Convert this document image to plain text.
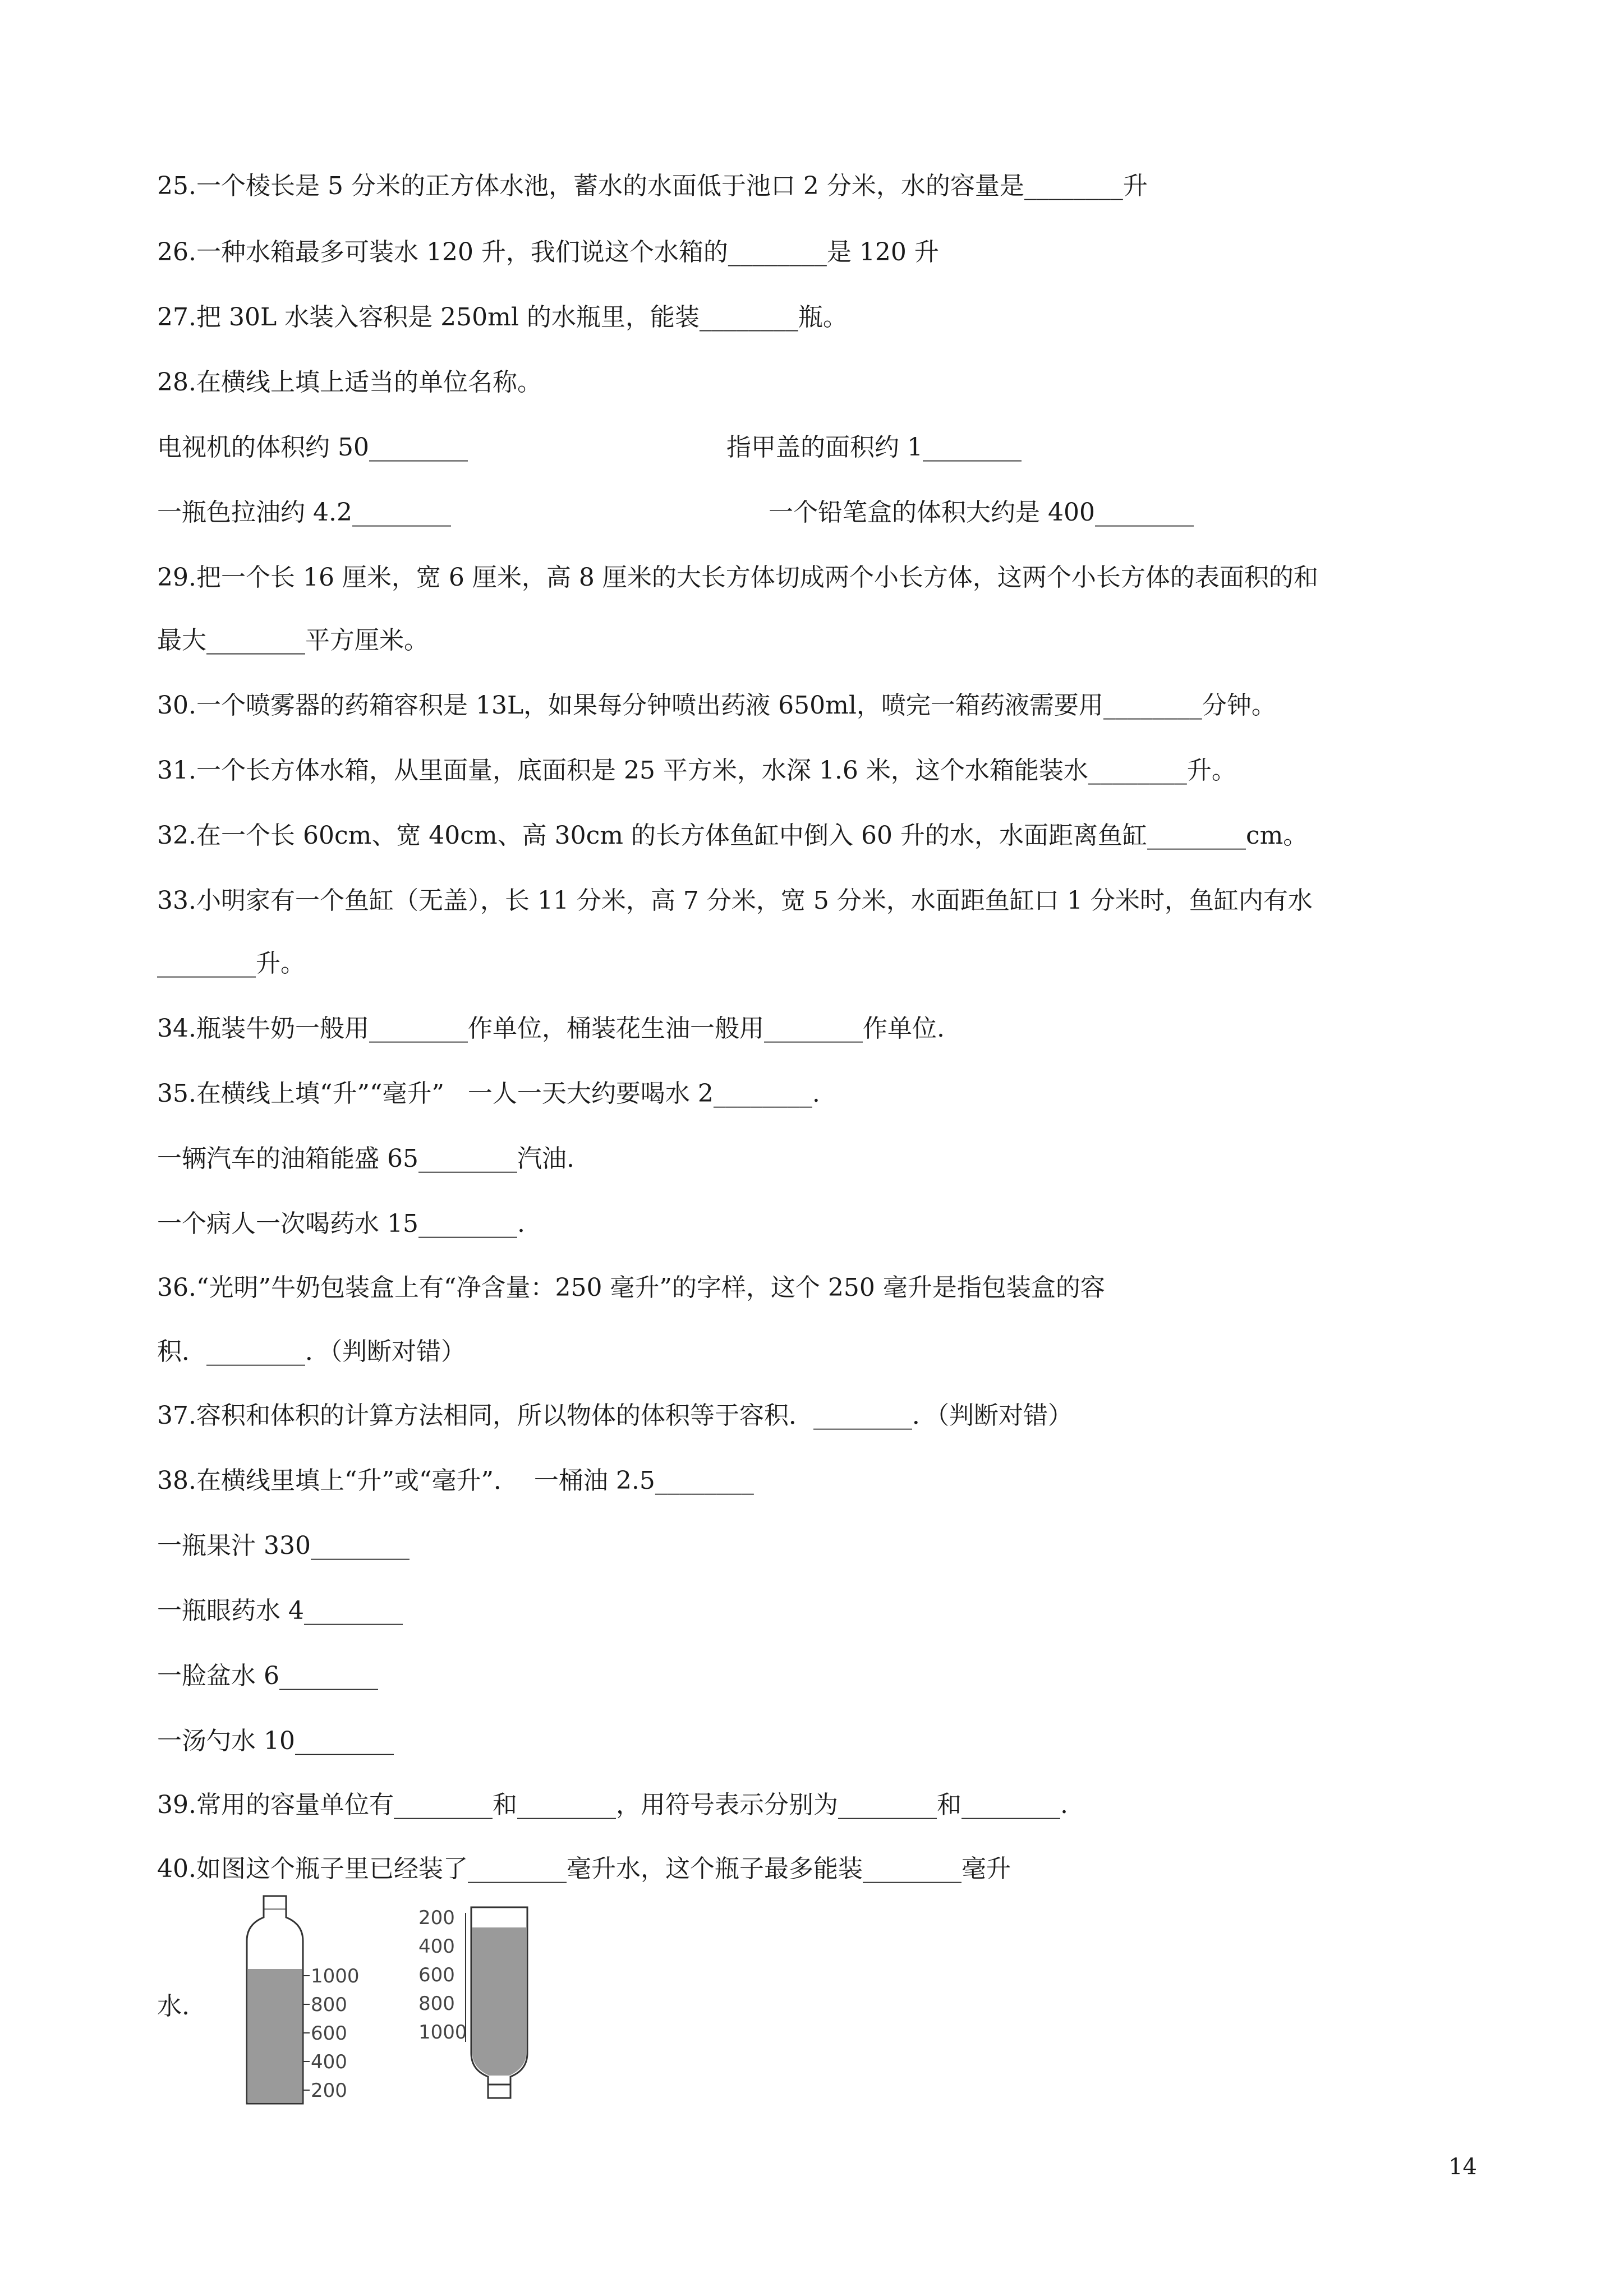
25.一个棱长是 5 分米的正方体水池，蓄水的水面低于池口 2 分米，水的容量是________升
26.一种水箱最多可装水 120 升，我们说这个水箱的________是 120 升
27.把 30L 水装入容积是 250ml 的水瓶里，能装________瓶。
28.在横线上填上适当的单位名称。
电视机的体积约 50________	指甲盖的面积约 1________
一瓶色拉油约 4.2________	一个铅笔盒的体积大约是 400________
29.把一个长 16 厘米，宽 6 厘米，高 8 厘米的大长方体切成两个小长方体，这两个小长方体的表面积的和
最大________平方厘米。
30.一个喷雾器的药箱容积是 13L，如果每分钟喷出药液 650ml，喷完一箱药液需要用________分钟。
31.一个长方体水箱，从里面量，底面积是 25 平方米，水深 1.6 米，这个水箱能装水________升。
32.在一个长 60cm、宽 40cm、高 30cm 的长方体鱼缸中倒入 60 升的水，水面距离鱼缸________cm。
33.小明家有一个鱼缸（无盖），长 11 分米，高 7 分米，宽 5 分米，水面距鱼缸口 1 分米时，鱼缸内有水
________升。
34.瓶装牛奶一般用________作单位，桶装花生油一般用________作单位.
35.在横线上填“升”“毫升”   一人一天大约要喝水 2________.
一辆汽车的油箱能盛 65________汽油.
一个病人一次喝药水 15________.
36.“光明”牛奶包装盒上有“净含量：250 毫升”的字样，这个 250 毫升是指包装盒的容
积．________．（判断对错）
37.容积和体积的计算方法相同，所以物体的体积等于容积．________．（判断对错）
38.在横线里填上“升”或“毫升”．  一桶油 2.5________
一瓶果汁 330________
一瓶眼药水 4________
一脸盆水 6________
一汤勺水 10________
39.常用的容量单位有________和________，用符号表示分别为________和________.
40.如图这个瓶子里已经装了________毫升水，这个瓶子最多能装________毫升
水.
1000
800
600
400
200
200
400
600
800
1000
14
